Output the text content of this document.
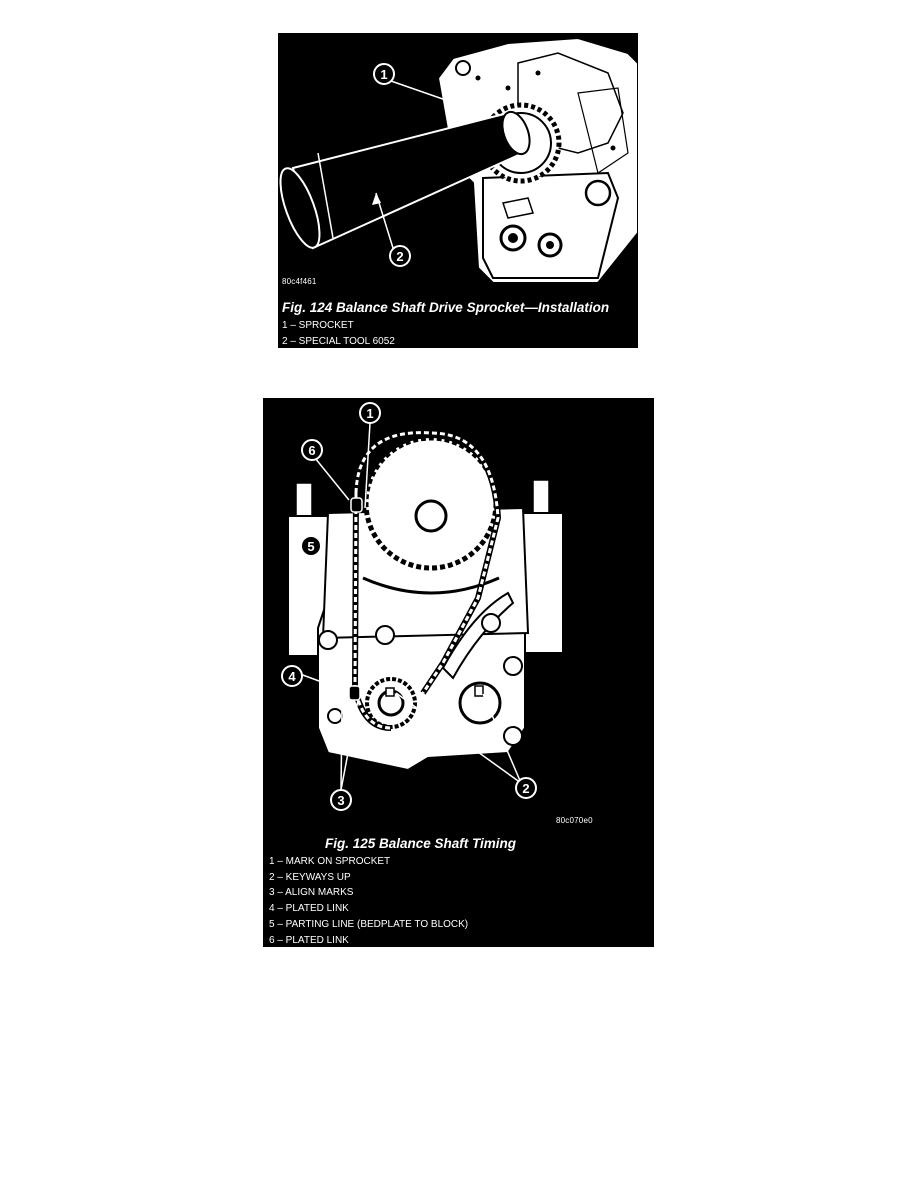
1
2
80c4f461
Fig. 124 Balance Shaft Drive Sprocket—Installation
1 – SPROCKET
2 – SPECIAL TOOL 6052
1
2
3
4
5
6
80c070e0
Fig. 125 Balance Shaft Timing
1 – MARK ON SPROCKET
2 – KEYWAYS UP
3 – ALIGN MARKS
4 – PLATED LINK
5 – PARTING LINE (BEDPLATE TO BLOCK)
6 – PLATED LINK
